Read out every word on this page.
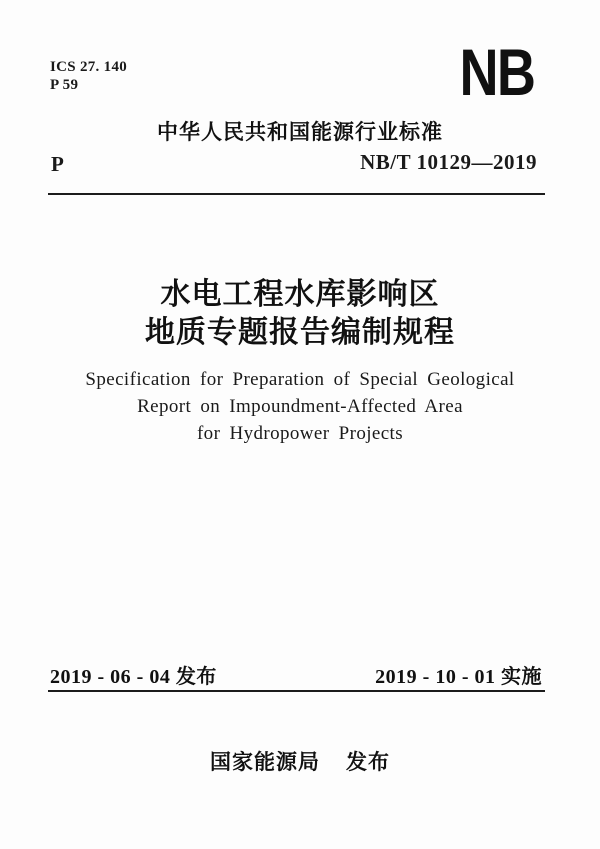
ICS 27. 140
P 59	NB
中华人民共和国能源行业标准
P	NB/T 10129—2019
水电工程水库影响区
地质专题报告编制规程
Specification for Preparation of Special Geological
Report on Impoundment-Affected Area
for Hydropower Projects
2019 - 06 - 04 发布	2019 - 10 - 01 实施
国家能源局 发布
